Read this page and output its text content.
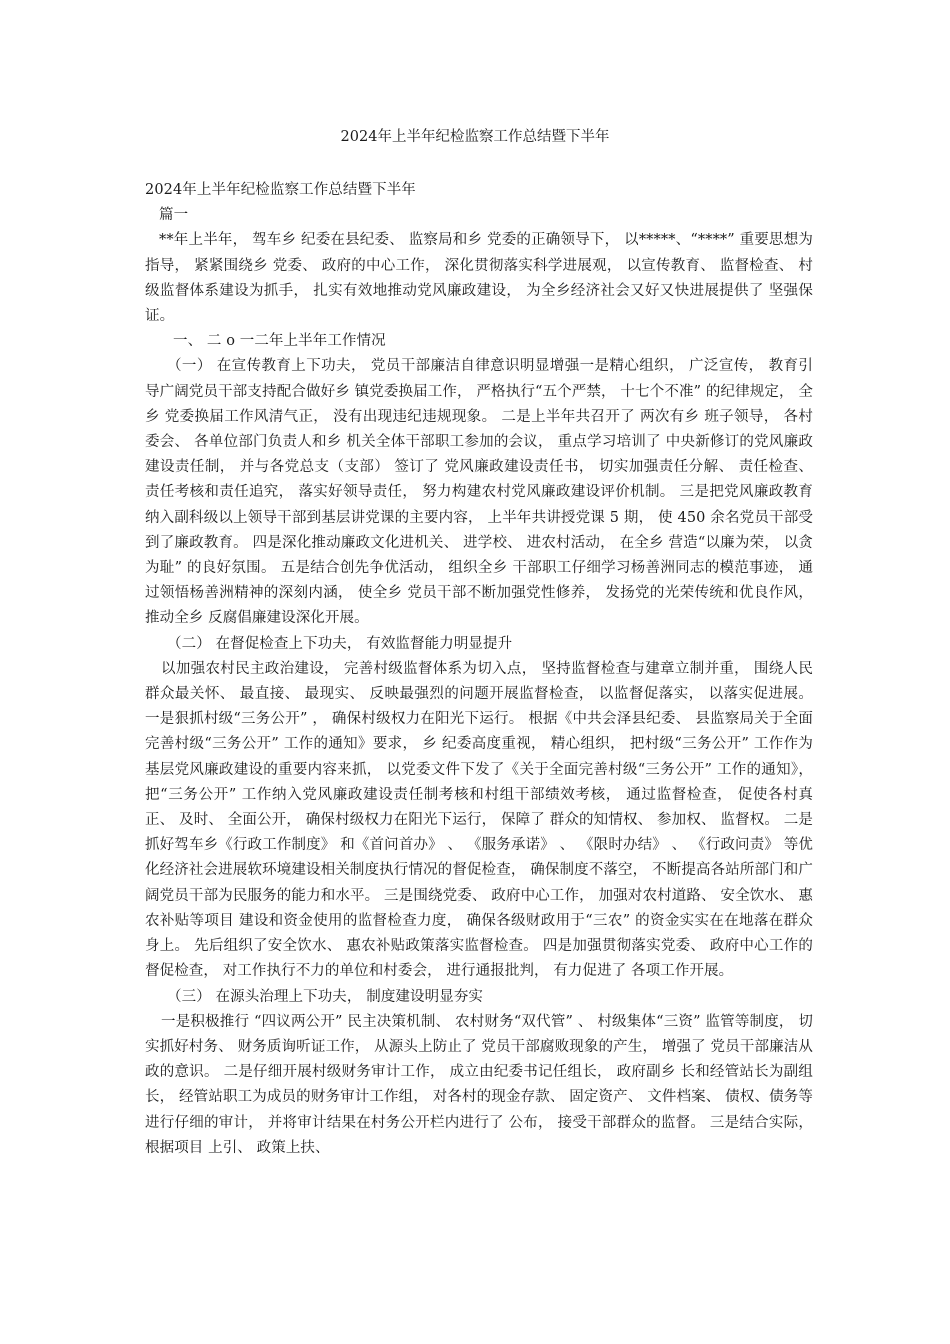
2024年上半年纪检监察工作总结暨下半年

2024年上半年纪检监察工作总结暨下半年

篇一

**年上半年， 驾车乡 纪委在县纪委、 监察局和乡 党委的正确领导下， 以*****、“***​*” 重要思想为指导， 紧紧围绕乡 党委、 政府的中心工作， 深化贯彻落实科学进展观， 以宣传教育、 监督检查、 村级监督体系建设为抓手， 扎实有效地推动党风廉政建设， 为全乡经济社会又好又快进展提供了 坚强保证。

一、 二 o 一二年上半年工作情况

（一） 在宣传教育上下功夫， 党员干部廉洁自律意识明显增强一是精心组织， 广泛宣传， 教育引导广阔党员干部支持配合做好乡 镇党委换届工作， 严格执行“五个严禁， 十七个不准” 的纪律规定， 全乡 党委换届工作风清气正， 没有出现违纪违规现象。 二是上半年共召开了 两次有乡 班子领导， 各村委会、 各单位部门负责人和乡 机关全体干部职工参加的会议， 重点学习培训了 中央新修订的党风廉政建设责任制， 并与各党总支（支部） 签订了 党风廉政建设责任书， 切实加强责任分解、 责任检查、 责任考核和责任追究， 落实好领导责任， 努力构建农村党风廉政建设评价机制。 三是把党风廉政教育纳入副科级以上领导干部到基层讲党课的主要内容， 上半年共讲授党课 5 期， 使 450 余名党员干部受到了廉政教育。 四是深化推动廉政文化进机关、 进学校、 进农村活动， 在全乡 营造“以廉为荣， 以贪为耻” 的良好氛围。 五是结合创先争优活动， 组织全乡 干部职工仔细学习杨善洲同志的模范事迹， 通过领悟杨善洲精神的深刻内涵， 使全乡 党员干部不断加强党性修养， 发扬党的光荣传统和优良作风， 推动全乡 反腐倡廉建设深化开展。

（二） 在督促检查上下功夫， 有效监督能力明显提升

以加强农村民主政治建设， 完善村级监督体系为切入点， 坚持监督检查与建章立制并重， 围绕人民群众最关怀、 最直接、 最现实、 反映最强烈的问题开展监督检查， 以监督促落实， 以落实促进展。 一是狠抓村级“三务公开” ， 确保村级权力在阳光下运行。 根据《中共会泽县纪委、 县监察局关于全面完善村级“三务公开” 工作的通知》要求， 乡 纪委高度重视， 精心组织， 把村级“三务公开” 工作作为基层党风廉政建设的重要内容来抓， 以党委文件下发了《关于全面完善村级“三务公开” 工作的通知》， 把“三务公开” 工作纳入党风廉政建设责任制考核和村组干部绩效考核， 通过监督检查， 促使各村真正、 及时、 全面公开， 确保村级权力在阳光下运行， 保障了 群众的知情权、 参加权、 监督权。 二是抓好驾车乡《行政工作制度》 和《首问首办》 、 《服务承诺》 、 《限时办结》 、 《行政问责》 等优化经济社会进展软环境建设相关制度执行情况的督促检查， 确保制度不落空， 不断提高各站所部门和广阔党员干部为民服务的能力和水平。 三是围绕党委、 政府中心工作， 加强对农村道路、 安全饮水、 惠农补贴等项目 建设和资金使用的监督检查力度， 确保各级财政用于“三农” 的资金实实在在地落在群众身上。 先后组织了安全饮水、 惠农补贴政策落实监督检查。 四是加强贯彻落实党委、 政府中心工作的督促检查， 对工作执行不力的单位和村委会， 进行通报批判， 有力促进了 各项工作开展。

（三） 在源头治理上下功夫， 制度建设明显夯实

一是积极推行 “四议两公开” 民主决策机制、 农村财务“双代管” 、 村级集体“三资” 监管等制度， 切实抓好村务、 财务质询听证工作， 从源头上防止了 党员干部腐败现象的产生， 增强了 党员干部廉洁从政的意识。 二是仔细开展村级财务审计工作， 成立由纪委书记任组长， 政府副乡 长和经管站长为副组长， 经管站职工为成员的财务审计工作组， 对各村的现金存款、 固定资产、 文件档案、 债权、债务等进行仔细的审计， 并将审计结果在村务公开栏内进行了 公布， 接受干部群众的监督。 三是结合实际， 根据项目 上引、 政策上扶、
